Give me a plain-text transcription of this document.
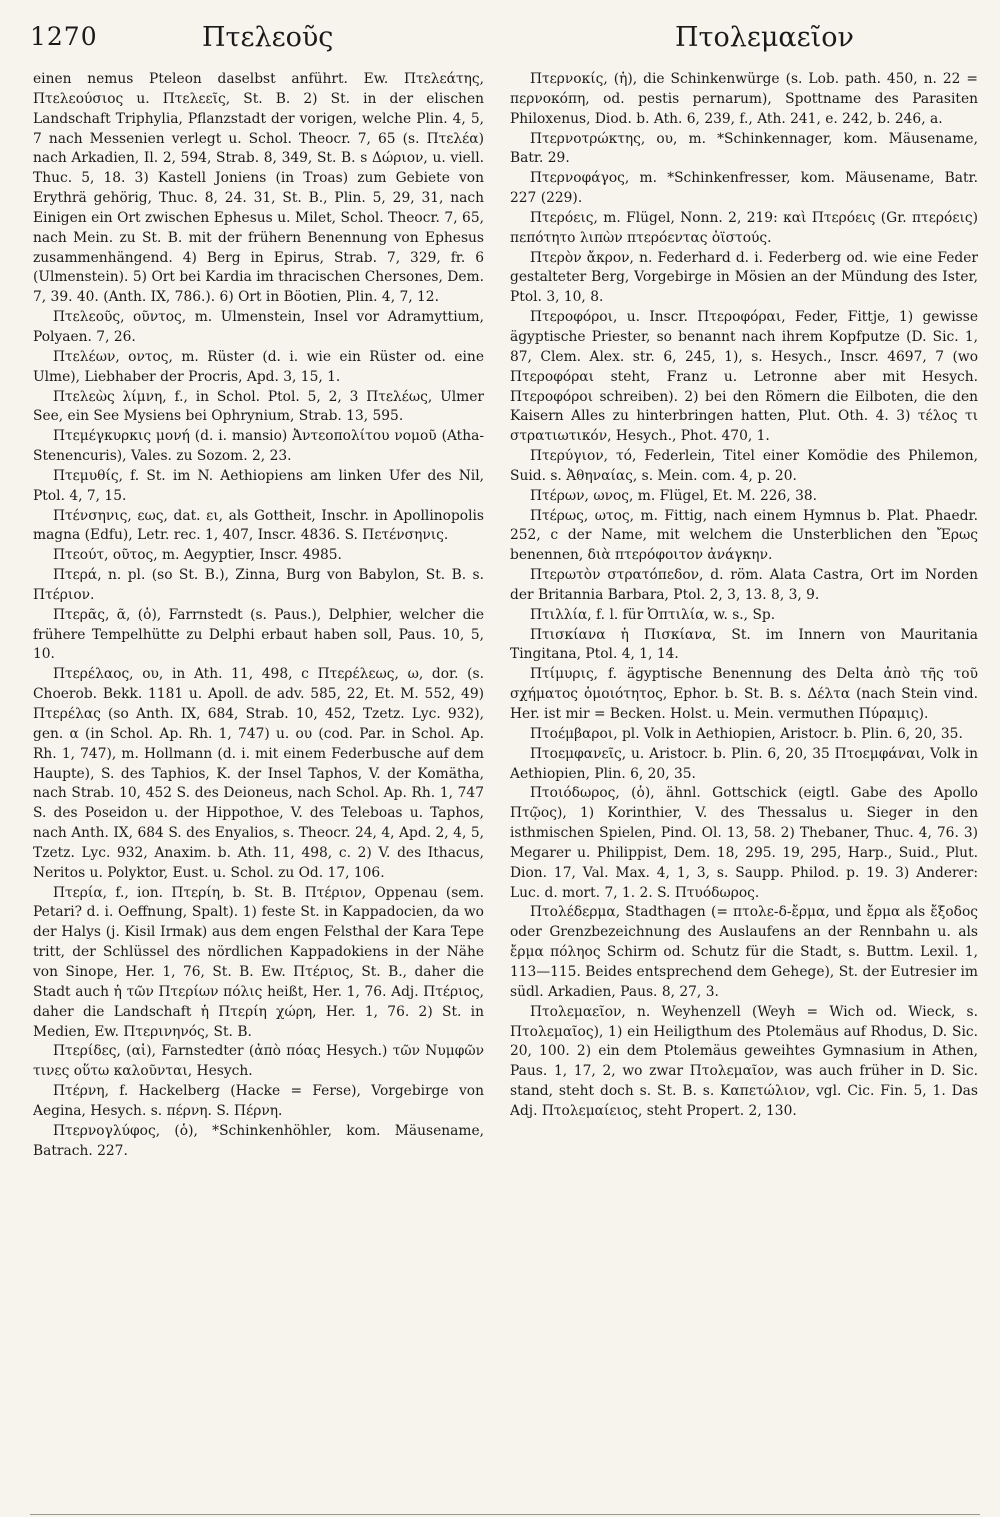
1270	Πτελεοῦς	Πτολεμαεῖον

einen nemus Pteleon daselbst anführt. Ew. Πτελεάτης, Πτελεούσιος u. Πτελεεῖς, St. B. 2) St. in der elischen Landschaft Triphylia, Pflanzstadt der vorigen, welche Plin. 4, 5, 7 nach Messenien verlegt u. Schol. Theocr. 7, 65 (s. Πτελέα) nach Arkadien, Il. 2, 594, Strab. 8, 349, St. B. s Δώριον, u. viell. Thuc. 5, 18. 3) Kastell Joniens (in Troas) zum Gebiete von Erythrä gehörig, Thuc. 8, 24. 31, St. B., Plin. 5, 29, 31, nach Einigen ein Ort zwischen Ephesus u. Milet, Schol. Theocr. 7, 65, nach Mein. zu St. B. mit der frühern Benennung von Ephesus zusammenhängend. 4) Berg in Epirus, Strab. 7, 329, fr. 6 (Ulmenstein). 5) Ort bei Kardia im thracischen Chersones, Dem. 7, 39. 40. (Anth. IX, 786.). 6) Ort in Böotien, Plin. 4, 7, 12.

Πτελεοῦς, οῦντος, m. Ulmenstein, Insel vor Adramyttium, Polyaen. 7, 26.

Πτελέων, οντος, m. Rüster (d. i. wie ein Rüster od. eine Ulme), Liebhaber der Procris, Apd. 3, 15, 1.

Πτελεὼς λίμνη, f., in Schol. Ptol. 5, 2, 3 Πτελέως, Ulmer See, ein See Mysiens bei Ophrynium, Strab. 13, 595.

Πτεμέγκυρκις μονή (d. i. mansio) Ἀντεοπολίτου νομοῦ (Atha-Stenencuris), Vales. zu Sozom. 2, 23.

Πτεμυθίς, f. St. im N. Aethiopiens am linken Ufer des Nil, Ptol. 4, 7, 15.

Πτένσηνις, εως, dat. ει, als Gottheit, Inschr. in Apollinopolis magna (Edfu), Letr. rec. 1, 407, Inscr. 4836. S. Πετένσηνις.

Πτεούτ, οῦτος, m. Aegyptier, Inscr. 4985.

Πτερά, n. pl. (so St. B.), Zinna, Burg von Babylon, St. B. s. Πτέριον.

Πτερᾶς, ᾶ, (ὁ), Farrnstedt (s. Paus.), Delphier, welcher die frühere Tempelhütte zu Delphi erbaut haben soll, Paus. 10, 5, 10.

Πτερέλαος, ου, in Ath. 11, 498, c Πτερέλεως, ω, dor. (s. Choerob. Bekk. 1181 u. Apoll. de adv. 585, 22, Et. M. 552, 49) Πτερέλας (so Anth. IX, 684, Strab. 10, 452, Tzetz. Lyc. 932), gen. α (in Schol. Ap. Rh. 1, 747) u. ου (cod. Par. in Schol. Ap. Rh. 1, 747), m. Hollmann (d. i. mit einem Federbusche auf dem Haupte), S. des Taphios, K. der Insel Taphos, V. der Komätha, nach Strab. 10, 452 S. des Deioneus, nach Schol. Ap. Rh. 1, 747 S. des Poseidon u. der Hippothoe, V. des Teleboas u. Taphos, nach Anth. IX, 684 S. des Enyalios, s. Theocr. 24, 4, Apd. 2, 4, 5, Tzetz. Lyc. 932, Anaxim. b. Ath. 11, 498, c. 2) V. des Ithacus, Neritos u. Polyktor, Eust. u. Schol. zu Od. 17, 106.

Πτερία, f., ion. Πτερίη, b. St. B. Πτέριον, Oppenau (sem. Petari? d. i. Oeffnung, Spalt). 1) feste St. in Kappadocien, da wo der Halys (j. Kisil Irmak) aus dem engen Felsthal der Kara Tepe tritt, der Schlüssel des nördlichen Kappadokiens in der Nähe von Sinope, Her. 1, 76, St. B. Ew. Πτέριος, St. B., daher die Stadt auch ἡ τῶν Πτερίων πόλις heißt, Her. 1, 76. Adj. Πτέριος, daher die Landschaft ἡ Πτερίη χώρη, Her. 1, 76. 2) St. in Medien, Ew. Πτερινηνός, St. B.

Πτερίδες, (αἱ), Farnstedter (ἀπὸ πόας Hesych.) τῶν Νυμφῶν τινες οὕτω καλοῦνται, Hesych.

Πτέρνη, f. Hackelberg (Hacke = Ferse), Vorgebirge von Aegina, Hesych. s. πέρνη. S. Πέρνη.

Πτερνογλύφος, (ὁ), *Schinkenhöhler, kom. Mäusename, Batrach. 227.

Πτερνοκίς, (ἡ), die Schinkenwürge (s. Lob. path. 450, n. 22 = περνοκόπη, od. pestis pernarum), Spottname des Parasiten Philoxenus, Diod. b. Ath. 6, 239, f., Ath. 241, e. 242, b. 246, a.

Πτερνοτρώκτης, ου, m. *Schinkennager, kom. Mäusename, Batr. 29.

Πτερνοφάγος, m. *Schinkenfresser, kom. Mäusename, Batr. 227 (229).

Πτερόεις, m. Flügel, Nonn. 2, 219: καὶ Πτερόεις (Gr. πτερόεις) πεπότητο λιπὼν πτερόεντας ὀϊστούς.

Πτερὸν ἄκρον, n. Federhard d. i. Federberg od. wie eine Feder gestalteter Berg, Vorgebirge in Mösien an der Mündung des Ister, Ptol. 3, 10, 8.

Πτεροφόροι, u. Inscr. Πτεροφόραι, Feder, Fittje, 1) gewisse ägyptische Priester, so benannt nach ihrem Kopfputze (D. Sic. 1, 87, Clem. Alex. str. 6, 245, 1), s. Hesych., Inscr. 4697, 7 (wo Πτεροφόραι steht, Franz u. Letronne aber mit Hesych. Πτεροφόροι schreiben). 2) bei den Römern die Eilboten, die den Kaisern Alles zu hinterbringen hatten, Plut. Oth. 4. 3) τέλος τι στρατιωτικόν, Hesych., Phot. 470, 1.

Πτερύγιον, τό, Federlein, Titel einer Komödie des Philemon, Suid. s. Ἀθηναίας, s. Mein. com. 4, p. 20.

Πτέρων, ωνος, m. Flügel, Et. M. 226, 38.

Πτέρως, ωτος, m. Fittig, nach einem Hymnus b. Plat. Phaedr. 252, c der Name, mit welchem die Unsterblichen den Ἔρως benennen, διὰ πτερόφοιτον ἀνάγκην.

Πτερωτὸν στρατόπεδον, d. röm. Alata Castra, Ort im Norden der Britannia Barbara, Ptol. 2, 3, 13. 8, 3, 9.

Πτιλλία, f. l. für Ὀπτιλία, w. s., Sp.

Πτισκίανα ἡ Πισκίανα, St. im Innern von Mauritania Tingitana, Ptol. 4, 1, 14.

Πτίμυρις, f. ägyptische Benennung des Delta ἀπὸ τῆς τοῦ σχήματος ὁμοιότητος, Ephor. b. St. B. s. Δέλτα (nach Stein vind. Her. ist mir = Becken. Holst. u. Mein. vermuthen Πύραμις).

Πτοέμβαροι, pl. Volk in Aethiopien, Aristocr. b. Plin. 6, 20, 35.

Πτοεμφανεῖς, u. Aristocr. b. Plin. 6, 20, 35 Πτοεμφάναι, Volk in Aethiopien, Plin. 6, 20, 35.

Πτοιόδωρος, (ὁ), ähnl. Gottschick (eigtl. Gabe des Apollo Πτῷος), 1) Korinthier, V. des Thessalus u. Sieger in den isthmischen Spielen, Pind. Ol. 13, 58. 2) Thebaner, Thuc. 4, 76. 3) Megarer u. Philippist, Dem. 18, 295. 19, 295, Harp., Suid., Plut. Dion. 17, Val. Max. 4, 1, 3, s. Saupp. Philod. p. 19. 3) Anderer: Luc. d. mort. 7, 1. 2. S. Πτυόδωρος.

Πτολέδερμα, Stadthagen (= πτολε-δ-ἔρμα, und ἔρμα als ἔξοδος oder Grenzbezeichnung des Auslaufens an der Rennbahn u. als ἔρμα πόληος Schirm od. Schutz für die Stadt, s. Buttm. Lexil. 1, 113—115. Beides entsprechend dem Gehege), St. der Eutresier im südl. Arkadien, Paus. 8, 27, 3.

Πτολεμαεῖον, n. Weyhenzell (Weyh = Wich od. Wieck, s. Πτολεμαῖος), 1) ein Heiligthum des Ptolemäus auf Rhodus, D. Sic. 20, 100. 2) ein dem Ptolemäus geweihtes Gymnasium in Athen, Paus. 1, 17, 2, wo zwar Πτολεμαῖον, was auch früher in D. Sic. stand, steht doch s. St. B. s. Καπετώλιον, vgl. Cic. Fin. 5, 1. Das Adj. Πτολεμαίειος, steht Propert. 2, 130.
